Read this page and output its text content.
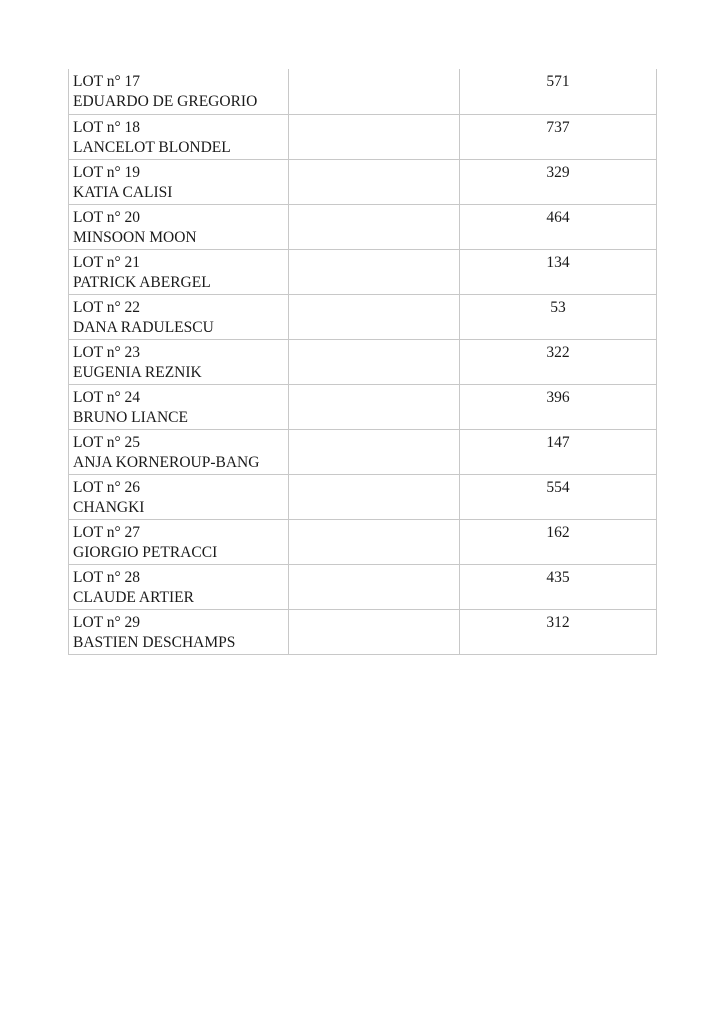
LOT n° 17
EDUARDO DE GREGORIO		571

LOT n° 18
LANCELOT BLONDEL		737

LOT n° 19
KATIA CALISI		329

LOT n° 20
MINSOON MOON		464

LOT n° 21
PATRICK ABERGEL		134

LOT n° 22
DANA RADULESCU		53

LOT n° 23
EUGENIA REZNIK		322

LOT n° 24
BRUNO LIANCE		396

LOT n° 25
ANJA KORNEROUP-BANG		147

LOT n° 26
CHANGKI		554

LOT n° 27
GIORGIO PETRACCI		162

LOT n° 28
CLAUDE ARTIER		435

LOT n° 29
BASTIEN DESCHAMPS		312
